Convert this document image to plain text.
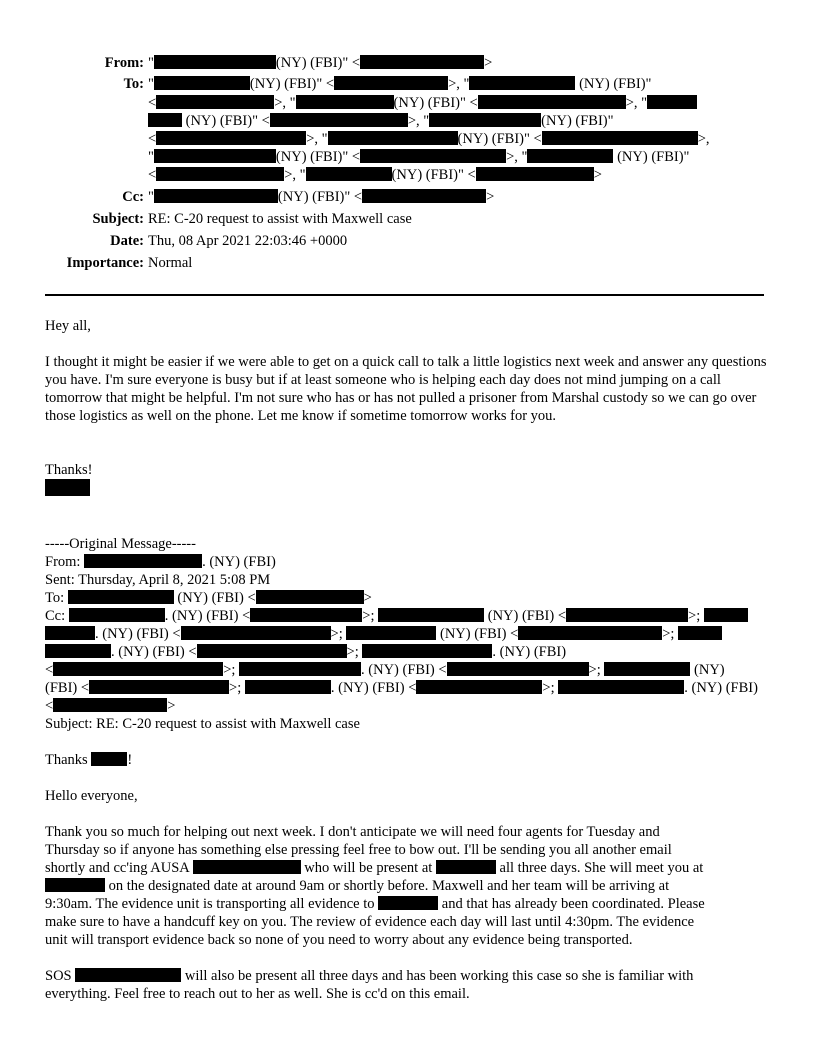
From: "	(NY) (FBI)" <	>
To: "	(NY) (FBI)" <	>, "	(NY) (FBI)"
<	>, "	(NY) (FBI)" <	>, "
(NY) (FBI)" <	>, "	(NY) (FBI)"
<	>, "	(NY) (FBI)" <	>,
"	(NY) (FBI)" <	>, "	(NY) (FBI)"
<	>, "	(NY) (FBI)" <	>
Cc: "	(NY) (FBI)" <	>
Subject: RE: C-20 request to assist with Maxwell case
Date: Thu, 08 Apr 2021 22:03:46 +0000
Importance: Normal
Hey all,
I thought it might be easier if we were able to get on a quick call to talk a little logistics next week and answer any questions you have. I'm sure everyone is busy but if at least someone who is helping each day does not mind jumping on a call tomorrow that might be helpful. I'm not sure who has or has not pulled a prisoner from Marshal custody so we can go over those logistics as well on the phone. Let me know if sometime tomorrow works for you.
Thanks!
-----Original Message-----
From:	. (NY) (FBI)
Sent: Thursday, April 8, 2021 5:08 PM
To:	(NY) (FBI) <	>
Cc:	. (NY) (FBI) <	>;	(NY) (FBI) <	>;
. (NY) (FBI) <	>;	(NY) (FBI) <	>;
. (NY) (FBI) <	>;	. (NY) (FBI)
<	>;	. (NY) (FBI) <	>;	(NY)
(FBI) <	>;	. (NY) (FBI) <	>;	. (NY) (FBI)
<	>
Subject: RE: C-20 request to assist with Maxwell case
Thanks	!
Hello everyone,
Thank you so much for helping out next week. I don't anticipate we will need four agents for Tuesday and
Thursday so if anyone has something else pressing feel free to bow out. I'll be sending you all another email
shortly and cc'ing AUSA	who will be present at	all three days. She will meet you at
on the designated date at around 9am or shortly before. Maxwell and her team will be arriving at
9:30am. The evidence unit is transporting all evidence to	and that has already been coordinated. Please
make sure to have a handcuff key on you. The review of evidence each day will last until 4:30pm. The evidence
unit will transport evidence back so none of you need to worry about any evidence being transported.
SOS	will also be present all three days and has been working this case so she is familiar with
everything. Feel free to reach out to her as well. She is cc'd on this email.
